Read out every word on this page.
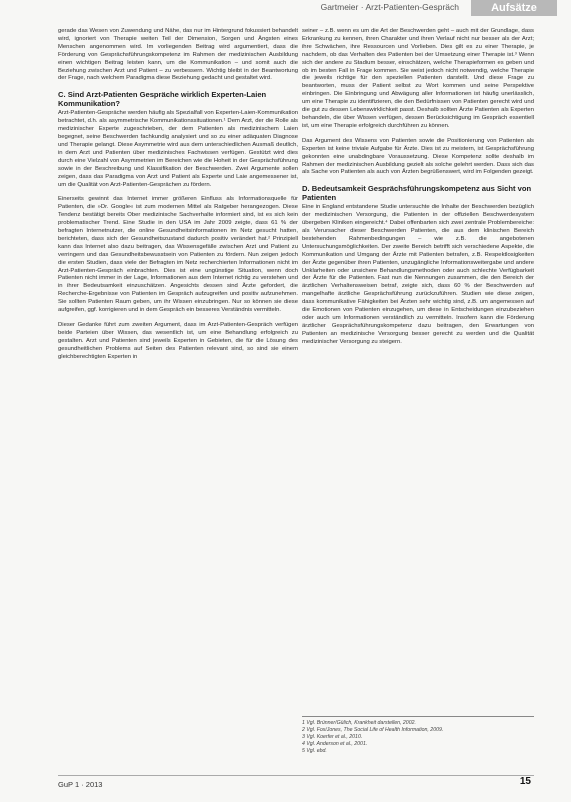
Gartmeier · Arzt-Patienten-Gespräch	Aufsätze

gerade das Wesen von Zuwendung und Nähe, das nur im Hintergrund fokussiert behandelt wird, ignoriert von Therapie weiten Teil der Dimension, Sorgen und Ängsten eines Menschen angenommen wird. Im vorliegenden Beitrag wird argumentiert, dass die Förderung von Gesprächsführungskompetenz im Rahmen der medizinischen Ausbildung einen wichtigen Beitrag leisten kann, um die Kommunikation – und somit auch die Beziehung zwischen Arzt und Patient – zu verbessern. Wichtig bleibt in der Beantwortung der Frage, nach welchem Paradigma diese Beziehung gedacht und gestaltet wird.

C. Sind Arzt-Patienten Gespräche wirklich Experten-Laien Kommunikation?

Arzt-Patienten-Gespräche werden häufig als Spezialfall von Experten-Laien-Kommunikation betrachtet, d.h. als asymmetrische Kommunikationssituationen.¹ Dem Arzt, der die Rolle als medizinischer Experte zugeschrieben, der dem Patienten als medizinischem Laien begegnet, seine Beschwerden fachkundig analysiert und so zu einer adäquaten Diagnose und Therapie gelangt. Diese Asymmetrie wird aus dem unterschiedlichen Ausmaß deutlich, in dem Arzt und Patienten über medizinisches Fachwissen verfügen. Gestützt wird dies durch eine Vielzahl von Asymmetrien im Bereichen wie die Hoheit in der Gesprächsführung sowie in der Beschreibung und Klassifikation der Beschwerden. Zwei Argumente sollen zeigen, dass das Paradigma von Arzt und Patient als Experte und Laie angemessener ist, um die Qualität von Arzt-Patienten-Gesprächen zu fördern.

Einerseits gewinnt das Internet immer größeren Einfluss als Informationsquelle für Patienten, die »Dr. Google« ist zum modernen Mittel als Ratgeber herangezogen. Diese Tendenz bestätigt bereits Ober medizinische Sachverhalte informiert sind, ist es sich kein problematischer Trend. Eine Studie in den USA im Jahr 2009 zeigte, dass 61 % der befragten Internetnutzer, die online Gesundheitsinformationen im Netz gesucht hatten, berichteten, dass sich der Gesundheitszustand dadurch positiv verändert hat.² Prinzipiell kann das Internet also dazu beitragen, das Wissensgefälle zwischen Arzt und Patient zu verringern und das Gesundheitsbewusstsein von Patienten zu fördern. Nun zeigen jedoch die ersten Studien, dass viele der Befragten im Netz recherchierten Informationen nicht im Arzt-Patienten-Gespräch einbrachten. Dies ist eine ungünstige Situation, wenn doch Patienten nicht immer in der Lage, Informationen aus dem Internet richtig zu verstehen und in ihrer Bedeutsamkeit einzuschätzen. Angesichts dessen sind Ärzte gefordert, die Recherche-Ergebnisse von Patienten im Gespräch aufzugreifen und positiv aufzunehmen. Sie sollten Patienten Raum geben, um ihr Wissen einzubringen. Nur so können sie diese aufgreifen, ggf. korrigieren und in dem Gespräch ein besseres Verständnis vermitteln.

Dieser Gedanke führt zum zweiten Argument, dass im Arzt-Patienten-Gespräch verfügen beide Parteien über Wissen, das wesentlich ist, um eine Behandlung erfolgreich zu gestalten. Arzt und Patienten sind jeweils Experten in Gebieten, die für die Lösung des gesundheitlichen Problems auf Seiten des Patienten relevant sind, so sind sie einem gleichberechtigten Experten in

seiner – z.B. wenn es um die Art der Beschwerden geht – auch mit der Grundlage, dass Erkrankung zu kennen, ihren Charakter und ihren Verlauf nicht nur besser als der Arzt; ihre Schwächen, ihre Ressourcen und Vorlieben. Dies gilt es zu einer Therapie, je nachdem, ob das Verhalten des Patienten bei der Umsetzung einer Therapie ist.³ Wenn sich der andere zu Stadium besser, einschätzen, welche Therapieformen es geben und ob im besten Fall in Frage kommen. Sie weist jedoch nicht notwendig, welche Therapie die jeweils richtige für den speziellen Patienten darstellt. Und diese Frage zu beantworten, muss der Patient selbst zu Wort kommen und seine Perspektive einbringen. Die Einbringung und Abwägung aller Informationen ist häufig unerlässlich, um eine Therapie zu identifizieren, die den Bedürfnissen von Patienten gerecht wird und die gut zu dessen Lebenswirklichkeit passt. Deshalb sollten Ärzte Patienten als Experten behandeln, die über Wissen verfügen, dessen Berücksichtigung im Gespräch essentiell ist, um eine Therapie erfolgreich durchführen zu können.

Das Argument des Wissens von Patienten sowie die Positionierung von Patienten als Experten ist keine triviale Aufgabe für Ärzte. Dies ist zu meistern, ist Gesprächsführung gekonnten eine unabdingbare Voraussetzung. Diese Kompetenz sollte deshalb im Rahmen der medizinischen Ausbildung gezielt als solche gelehrt werden. Dass sich das als Sache von Patienten als auch von Ärzten begrüßenswert, wird im Folgenden gezeigt.

D. Bedeutsamkeit Gesprächsführungskompetenz aus Sicht von Patienten

Eine in England entstandene Studie untersuchte die Inhalte der Beschwerden bezüglich der medizinischen Versorgung, die Patienten in der offiziellen Beschwerdesystem übergeben Kliniken eingereicht.⁴ Dabei offenbarten sich zwei zentrale Problembereiche: als Verursacher dieser Beschwerden Patienten, die aus dem klinischen Bereich bestehenden Rahmenbedingungen – wie z.B. die angebotenen Untersuchungsmöglichkeiten. Der zweite Bereich betrifft sich verschiedene Aspekte, die Kommunikation und Umgang der Ärzte mit Patienten betrafen, z.B. Respektlosigkeiten der Ärzte gegenüber ihren Patienten, unzugängliche Informationsweitergabe und andere Unklarheiten oder unsichere Behandlungsmethoden oder auch schlechte Verfügbarkeit der Ärzte für die Patienten. Fast nun die Nennungen zusammen, die den Bereich der ärztlichen Verhaltensweisen betraf, zeigte sich, dass 60 % der Beschwerden auf mangelhafte ärztliche Gesprächsführung zurückzuführen. Studien wie diese zeigen, dass kommunikative Fähigkeiten bei Ärzten sehr wichtig sind, z.B. um angemessen auf die Emotionen von Patienten einzugehen, um diese in Entscheidungen einzubeziehen oder auch um Informationen verständlich zu vermitteln. Insofern kann die Förderung ärztlicher Gesprächsführungskompetenz dazu beitragen, den Erwartungen von Patienten an medizinische Versorgung besser gerecht zu werden und die Qualität medizinischer Versorgung zu steigern.

1 Vgl. Brünner/Gülich, Krankheit darstellen, 2002.
2 Vgl. Fox/Jones, The Social Life of Health Information, 2009.
3 Vgl. Koerfer et al., 2010.
4 Vgl. Anderson et al., 2001.
5 Vgl. ebd.
GuP 1 · 2013	15
